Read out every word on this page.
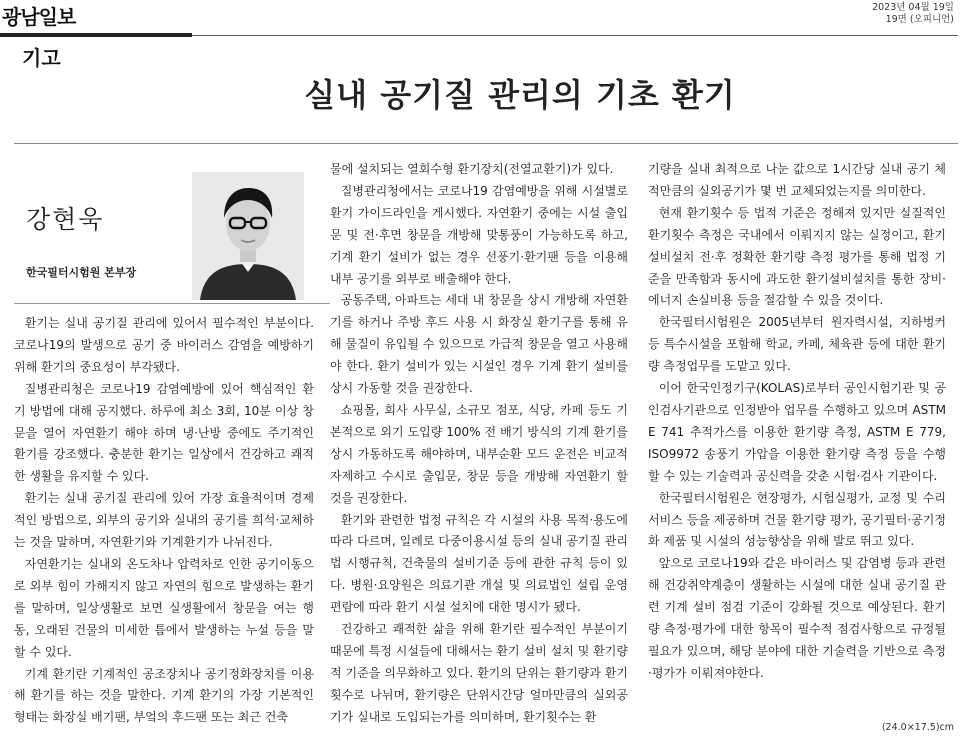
광남일보	2023년 04월 19일
19면 (오피니언)
기고
실내 공기질 관리의 기초 환기
강현욱
한국필터시험원 본부장

환기는 실내 공기질 관리에 있어서 필수적인 부분이다. 코로나19의 발생으로 공기 중 바이러스 감염을 예방하기 위해 환기의 중요성이 부각됐다.

질병관리청은 코로나19 감염예방에 있어 핵심적인 환기 방법에 대해 공지했다. 하루에 최소 3회, 10분 이상 창문을 열어 자연환기 해야 하며 냉·난방 중에도 주기적인 환기를 강조했다. 충분한 환기는 일상에서 건강하고 쾌적한 생활을 유지할 수 있다.

환기는 실내 공기질 관리에 있어 가장 효율적이며 경제적인 방법으로, 외부의 공기와 실내의 공기를 희석·교체하는 것을 말하며, 자연환기와 기계환기가 나뉘진다.

자연환기는 실내외 온도차나 압력차로 인한 공기이동으로 외부 힘이 가해지지 않고 자연의 힘으로 발생하는 환기를 말하며, 일상생활로 보면 실생활에서 창문을 여는 행동, 오래된 건물의 미세한 틈에서 발생하는 누설 등을 말할 수 있다.

기계 환기란 기계적인 공조장치나 공기정화장치를 이용해 환기를 하는 것을 말한다. 기계 환기의 가장 기본적인 형태는 화장실 배기팬, 부엌의 후드팬 또는 최근 건축

물에 설치되는 열회수형 환기장치(전열교환기)가 있다.

질병관리청에서는 코로나19 감염예방을 위해 시설별로 환기 가이드라인을 게시했다. 자연환기 중에는 시설 출입문 및 전·후면 창문을 개방해 맞통풍이 가능하도록 하고, 기계 환기 설비가 없는 경우 선풍기·환기팬 등을 이용해 내부 공기를 외부로 배출해야 한다.

공동주택, 아파트는 세대 내 창문을 상시 개방해 자연환기를 하거나 주방 후드 사용 시 화장실 환기구를 통해 유해 물질이 유입될 수 있으므로 가급적 창문을 열고 사용해야 한다. 환기 설비가 있는 시설인 경우 기계 환기 설비를 상시 가동할 것을 권장한다.

쇼핑몰, 회사 사무실, 소규모 점포, 식당, 카페 등도 기본적으로 외기 도입량 100% 전 배기 방식의 기계 환기를 상시 가동하도록 해야하며, 내부순환 모드 운전은 비교적 자제하고 수시로 출입문, 창문 등을 개방해 자연환기 할 것을 권장한다.

환기와 관련한 법정 규칙은 각 시설의 사용 목적·용도에 따라 다르며, 일례로 다중이용시설 등의 실내 공기질 관리법 시행규칙, 건축물의 설비기준 등에 관한 규칙 등이 있다. 병원·요양원은 의료기관 개설 및 의료법인 설립 운영편람에 따라 환기 시설 설치에 대한 명시가 됐다.

건강하고 쾌적한 삶을 위해 환기란 필수적인 부분이기 때문에 특정 시설들에 대해서는 환기 설비 설치 및 환기량적 기준을 의무화하고 있다. 환기의 단위는 환기량과 환기횟수로 나뉘며, 환기량은 단위시간당 얼마만큼의 실외공기가 실내로 도입되는가를 의미하며, 환기횟수는 환

기량을 실내 최적으로 나눈 값으로 1시간당 실내 공기 체적만큼의 실외공기가 몇 번 교체되었는지를 의미한다.

현재 환기횟수 등 법적 기준은 정해져 있지만 실질적인 환기횟수 측정은 국내에서 이뤄지지 않는 실정이고, 환기설비설치 전·후 정확한 환기량 측정 평가를 통해 법정 기준을 만족함과 동시에 과도한 환기설비설치를 통한 장비·에너지 손실비용 등을 절감할 수 있을 것이다.

한국필터시험원은 2005년부터 원자력시설, 지하벙커 등 특수시설을 포함해 학교, 카페, 체육관 등에 대한 환기량 측정업무를 도맡고 있다.

이어 한국인정기구(KOLAS)로부터 공인시험기관 및 공인검사기관으로 인정받아 업무를 수행하고 있으며 ASTM E 741 추적가스를 이용한 환기량 측정, ASTM E 779, ISO9972 송풍기 가압을 이용한 환기량 측정 등을 수행할 수 있는 기술력과 공신력을 갖춘 시험·검사 기관이다.

한국필터시험원은 현장평가, 시험실평가, 교정 및 수리서비스 등을 제공하며 건물 환기량 평가, 공기필터·공기정화 제품 및 시설의 성능향상을 위해 발로 뛰고 있다.

앞으로 코로나19와 같은 바이러스 및 감염병 등과 관련해 건강취약계층이 생활하는 시설에 대한 실내 공기질 관련 기계 설비 점검 기준이 강화될 것으로 예상된다. 환기량 측정·평가에 대한 항목이 필수적 점검사항으로 규정될 필요가 있으며, 해당 분야에 대한 기술력을 기반으로 측정·평가가 이뤄져야한다.

(24.0×17.5)cm
